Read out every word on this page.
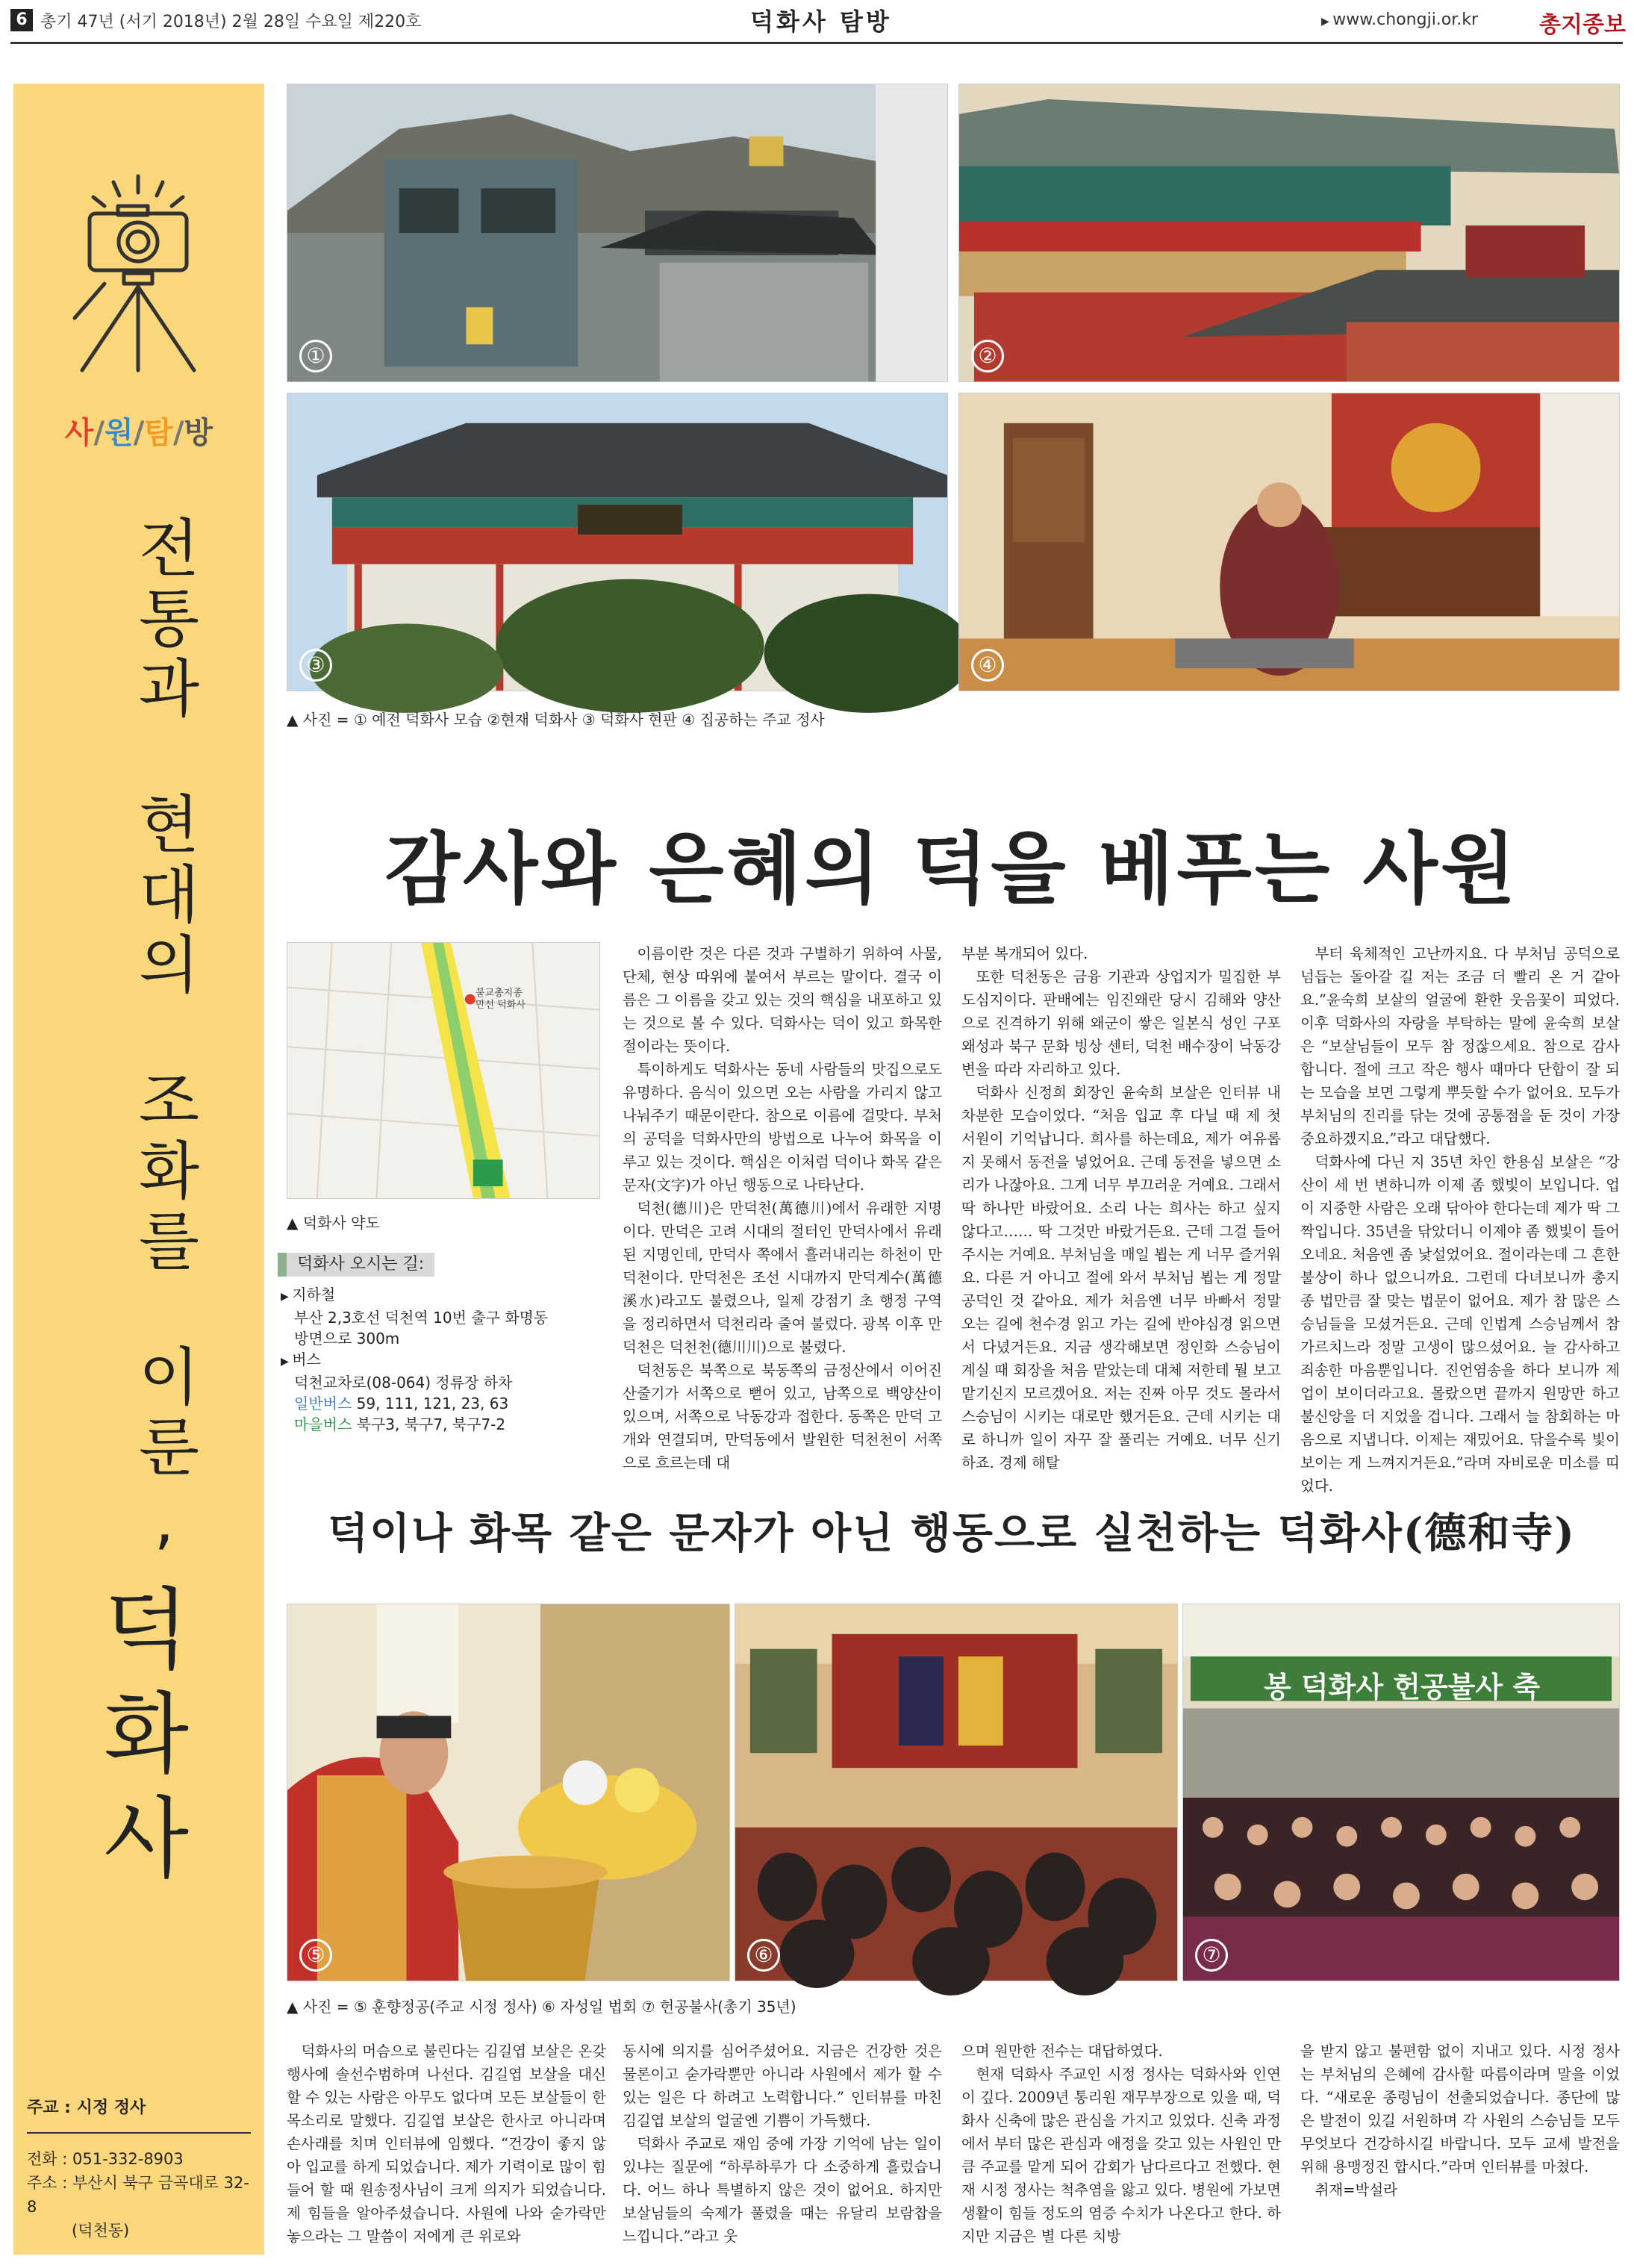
6 총기 47년 (서기 2018년) 2월 28일 수요일 제220호	덕화사 탐방
▶	www.chongji.or.kr	총지종보
사/원/탐/방
전통과
현대의
조화를
이룬,
덕화사
주교 : 시정 정사
전화 : 051-332-8903
주소 : 부산시 북구 금곡대로 32-8
(덕천동)
①	②
③	④
▲ 사진 = ① 예전 덕화사 모습 ②현재 덕화사 ③ 덕화사 현판 ④ 집공하는 주교 정사
감사와 은혜의 덕을 베푸는 사원
불교총지종
만선 덕화사
▲ 덕화사 약도
덕화사 오시는 길:
▶ 지하철
부산 2,3호선 덕천역 10번 출구 화명동
방면으로 300m
▶ 버스
덕천교차로(08-064) 정류장 하차
일반버스 59, 111, 121, 23, 63
마을버스 북구3, 북구7, 북구7-2

이름이란 것은 다른 것과 구별하기 위하여 사물, 단체, 현상 따위에 붙여서 부르는 말이다. 결국 이름은 그 이름을 갖고 있는 것의 핵심을 내포하고 있는 것으로 볼 수 있다. 덕화사는 덕이 있고 화목한 절이라는 뜻이다.

특이하게도 덕화사는 동네 사람들의 맛집으로도 유명하다. 음식이 있으면 오는 사람을 가리지 않고 나눠주기 때문이란다. 참으로 이름에 걸맞다. 부처의 공덕을 덕화사만의 방법으로 나누어 화목을 이루고 있는 것이다. 핵심은 이처럼 덕이나 화목 같은 문자(文字)가 아닌 행동으로 나타난다.

덕천(德川)은 만덕천(萬德川)에서 유래한 지명이다. 만덕은 고려 시대의 절터인 만덕사에서 유래된 지명인데, 만덕사 쪽에서 흘러내리는 하천이 만덕천이다. 만덕천은 조선 시대까지 만덕계수(萬德溪水)라고도 불렸으나, 일제 강점기 초 행정 구역을 정리하면서 덕천리라 줄여 불렀다. 광복 이후 만덕천은 덕천천(德川川)으로 불렸다.

덕천동은 북쪽으로 북동쪽의 금정산에서 이어진 산줄기가 서쪽으로 뻗어 있고, 남쪽으로 백양산이 있으며, 서쪽으로 낙동강과 접한다. 동쪽은 만덕 고개와 연결되며, 만덕동에서 발원한 덕천천이 서쪽으로 흐르는데 대

부분 복개되어 있다.

또한 덕천동은 금융 기관과 상업지가 밀집한 부도심지이다. 판배에는 임진왜란 당시 김해와 양산으로 진격하기 위해 왜군이 쌓은 일본식 성인 구포 왜성과 북구 문화 빙상 센터, 덕천 배수장이 낙동강변을 따라 자리하고 있다.

덕화사 신정희 회장인 윤숙희 보살은 인터뷰 내 차분한 모습이었다. “처음 입교 후 다닐 때 제 첫 서원이 기억납니다. 희사를 하는데요, 제가 여유롭지 못해서 동전을 넣었어요. 근데 동전을 넣으면 소리가 나잖아요. 그게 너무 부끄러운 거예요. 그래서 딱 하나만 바랐어요. 소리 나는 희사는 하고 싶지 않다고…… 딱 그것만 바랐거든요. 근데 그걸 들어주시는 거예요. 부처님을 매일 뵙는 게 너무 즐거워요. 다른 거 아니고 절에 와서 부처님 뵙는 게 정말 공덕인 것 같아요. 제가 처음엔 너무 바빠서 정말 오는 길에 천수경 읽고 가는 길에 반야심경 읽으면서 다녔거든요. 지금 생각해보면 정인화 스승님이 계실 때 회장을 처음 맡았는데 대체 저한테 뭘 보고 맡기신지 모르겠어요. 저는 진짜 아무 것도 몰라서 스승님이 시키는 대로만 했거든요. 근데 시키는 대로 하니까 일이 자꾸 잘 풀리는 거예요. 너무 신기하죠. 경제 해탈

부터 육체적인 고난까지요. 다 부처님 공덕으로 넘듭는 돌아갈 길 저는 조금 더 빨리 온 거 같아요.”윤숙희 보살의 얼굴에 환한 웃음꽃이 피었다. 이후 덕화사의 자랑을 부탁하는 말에 윤숙희 보살은 “보살님들이 모두 참 정잖으세요. 참으로 감사합니다. 절에 크고 작은 행사 때마다 단합이 잘 되는 모습을 보면 그렇게 뿌듯할 수가 없어요. 모두가 부처님의 진리를 닦는 것에 공통점을 둔 것이 가장 중요하겠지요.”라고 대답했다.

덕화사에 다닌 지 35년 차인 한용심 보살은 “강산이 세 번 변하니까 이제 좀 했빛이 보입니다. 업이 지중한 사람은 오래 닦아야 한다는데 제가 딱 그 짝입니다. 35년을 닦았더니 이제야 좀 했빛이 들어오네요. 처음엔 좀 낯설었어요. 절이라는데 그 흔한 불상이 하나 없으니까요. 그런데 다녀보니까 총지종 법만큼 잘 맞는 법문이 없어요. 제가 참 많은 스승님들을 모셨거든요. 근데 인법계 스승님께서 참 가르치느라 정말 고생이 많으셨어요. 늘 감사하고 죄송한 마음뿐입니다. 진언염송을 하다 보니까 제 업이 보이더라고요. 몰랐으면 끝까지 원망만 하고 불신앙을 더 지었을 겁니다. 그래서 늘 참회하는 마음으로 지냅니다. 이제는 재밌어요. 닦을수록 빛이 보이는 게 느껴지거든요.”라며 자비로운 미소를 띠었다.

덕이나 화목 같은 문자가 아닌 행동으로 실천하는 덕화사(德和寺)
⑤	⑥
봉 덕화사 헌공불사 축
⑦
▲ 사진 = ⑤ 훈향정공(주교 시정 정사) ⑥ 자성일 법회 ⑦ 헌공불사(총기 35년)

덕화사의 머슴으로 불린다는 김길엽 보살은 온갖 행사에 솔선수범하며 나선다. 김길엽 보살을 대신할 수 있는 사람은 아무도 없다며 모든 보살들이 한 목소리로 말했다. 김길엽 보살은 한사코 아니라며 손사래를 치며 인터뷰에 임했다. “건강이 좋지 않아 입교를 하게 되었습니다. 제가 기력이로 많이 힘들어 할 때 원송정사님이 크게 의지가 되었습니다. 제 힘들을 알아주셨습니다. 사원에 나와 숟가락만 놓으라는 그 말씀이 저에게 큰 위로와

동시에 의지를 심어주셨어요. 지금은 건강한 것은 물론이고 숟가락뿐만 아니라 사원에서 제가 할 수 있는 일은 다 하려고 노력합니다.” 인터뷰를 마친 김길엽 보살의 얼굴엔 기쁨이 가득했다.

덕화사 주교로 재임 중에 가장 기억에 남는 일이 있냐는 질문에 “하루하루가 다 소중하게 흘렀습니다. 어느 하나 특별하지 않은 것이 없어요. 하지만 보살님들의 숙제가 풀렸을 때는 유달리 보람찹을 느낍니다.”라고 웃

으며 원만한 전수는 대답하였다.

현재 덕화사 주교인 시정 정사는 덕화사와 인연이 깊다. 2009년 통리원 재무부장으로 있을 때, 덕화사 신축에 많은 관심을 가지고 있었다. 신축 과정에서 부터 많은 관심과 애정을 갖고 있는 사원인 만큼 주교를 맡게 되어 감회가 남다르다고 전했다. 현재 시정 정사는 척추염을 앓고 있다. 병원에 가보면 생활이 힘들 정도의 염증 수치가 나온다고 한다. 하지만 지금은 별 다른 치방

을 받지 않고 불편함 없이 지내고 있다. 시정 정사는 부처님의 은혜에 감사할 따름이라며 말을 이었다. “새로운 종령님이 선출되었습니다. 종단에 많은 발전이 있길 서원하며 각 사원의 스승님들 모두 무엇보다 건강하시길 바랍니다. 모두 교세 발전을 위해 용맹정진 합시다.”라며 인터뷰를 마쳤다.

취재=박설라
